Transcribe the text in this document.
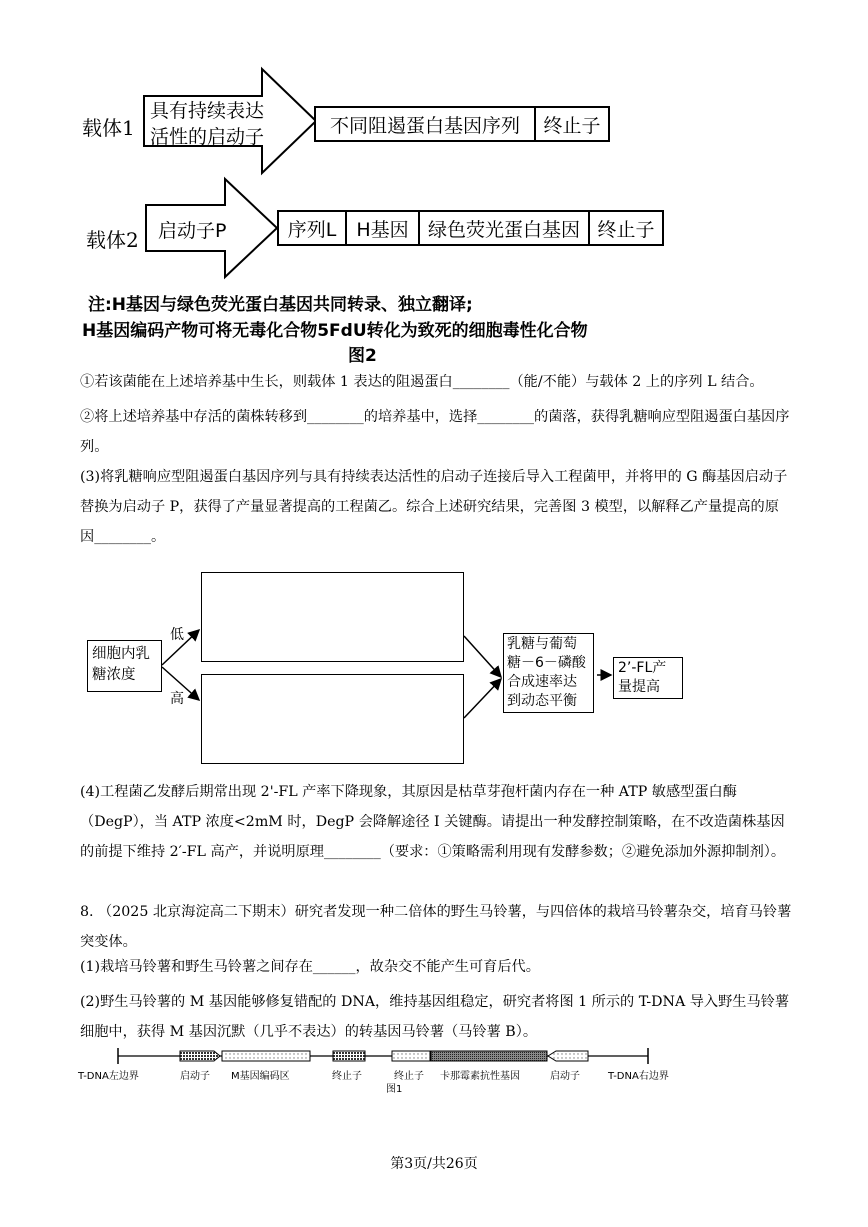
载体1
具有持续表达
活性的启动子
不同阻遏蛋白基因序列	终止子
载体2 启动子P	序列L	H基因	绿色荧光蛋白基因 终止子
注:H基因与绿色荧光蛋白基因共同转录、独立翻译;
H基因编码产物可将无毒化合物5FdU转化为致死的细胞毒性化合物
图2
①若该菌能在上述培养基中生长，则载体 1 表达的阻遏蛋白________（能/不能）与载体 2 上的序列 L 结合。
②将上述培养基中存活的菌株转移到________的培养基中，选择________的菌落，获得乳糖响应型阻遏蛋白基因序列。
(3)将乳糖响应型阻遏蛋白基因序列与具有持续表达活性的启动子连接后导入工程菌甲，并将甲的 G 酶基因启动子替换为启动子 P，获得了产量显著提高的工程菌乙。综合上述研究结果，完善图 3 模型，以解释乙产量提高的原因________。
细胞内乳糖浓度
乳糖与葡萄糖－6－磷酸合成速率达到动态平衡
2’-FL产量提高
低
高
(4)工程菌乙发酵后期常出现 2'-FL 产率下降现象，其原因是枯草芽孢杆菌内存在一种 ATP 敏感型蛋白酶（DegP），当 ATP 浓度<2mM 时，DegP 会降解途径 I 关键酶。请提出一种发酵控制策略，在不改造菌株基因的前提下维持 2′-FL 高产，并说明原理________（要求：①策略需利用现有发酵参数；②避免添加外源抑制剂）。
8. （2025 北京海淀高二下期末）研究者发现一种二倍体的野生马铃薯，与四倍体的栽培马铃薯杂交，培育马铃薯突变体。
(1)栽培马铃薯和野生马铃薯之间存在______，故杂交不能产生可育后代。
(2)野生马铃薯的 M 基因能够修复错配的 DNA，维持基因组稳定，研究者将图 1 所示的 T-DNA 导入野生马铃薯细胞中，获得 M 基因沉默（几乎不表达）的转基因马铃薯（马铃薯 B）。
T-DNA左边界	启动子 M基因编码区	终止子	终止子 卡那霉素抗性基因	启动子	T-DNA右边界
图1
第3页/共26页
